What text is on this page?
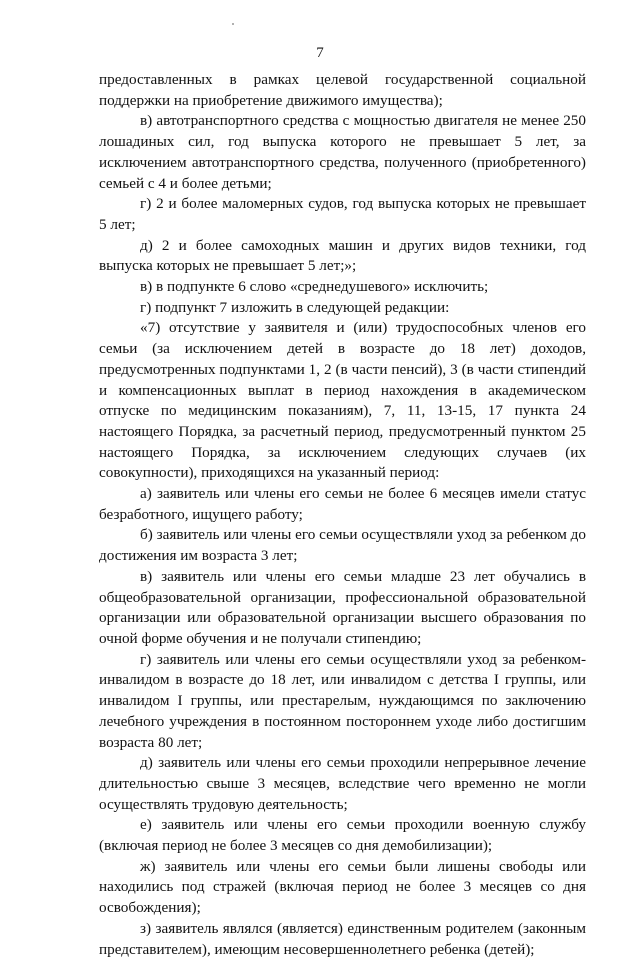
7

предоставленных в рамках целевой государственной социальной поддержки на приобретение движимого имущества);

в) автотранспортного средства с мощностью двигателя не менее 250 лошадиных сил, год выпуска которого не превышает 5 лет, за исключением автотранспортного средства, полученного (приобретенного) семьей с 4 и более детьми;

г) 2 и более маломерных судов, год выпуска которых не превышает 5 лет;

д) 2 и более самоходных машин и других видов техники, год выпуска которых не превышает 5 лет;»;

в) в подпункте 6 слово «среднедушевого» исключить;

г) подпункт 7 изложить в следующей редакции:

«7) отсутствие у заявителя и (или) трудоспособных членов его семьи (за исключением детей в возрасте до 18 лет) доходов, предусмотренных подпунктами 1, 2 (в части пенсий), 3 (в части стипендий и компенсационных выплат в период нахождения в академическом отпуске по медицинским показаниям), 7, 11, 13-15, 17 пункта 24 настоящего Порядка, за расчетный период, предусмотренный пунктом 25 настоящего Порядка, за исключением следующих случаев (их совокупности), приходящихся на указанный период:

а) заявитель или члены его семьи не более 6 месяцев имели статус безработного, ищущего работу;

б) заявитель или члены его семьи осуществляли уход за ребенком до достижения им возраста 3 лет;

в) заявитель или члены его семьи младше 23 лет обучались в общеобразовательной организации, профессиональной образовательной организации или образовательной организации высшего образования по очной форме обучения и не получали стипендию;

г) заявитель или члены его семьи осуществляли уход за ребенком-инвалидом в возрасте до 18 лет, или инвалидом с детства I группы, или инвалидом I группы, или престарелым, нуждающимся по заключению лечебного учреждения в постоянном постороннем уходе либо достигшим возраста 80 лет;

д) заявитель или члены его семьи проходили непрерывное лечение длительностью свыше 3 месяцев, вследствие чего временно не могли осуществлять трудовую деятельность;

е) заявитель или члены его семьи проходили военную службу (включая период не более 3 месяцев со дня демобилизации);

ж) заявитель или члены его семьи были лишены свободы или находились под стражей (включая период не более 3 месяцев со дня освобождения);

з) заявитель являлся (является) единственным родителем (законным представителем), имеющим несовершеннолетнего ребенка (детей);
